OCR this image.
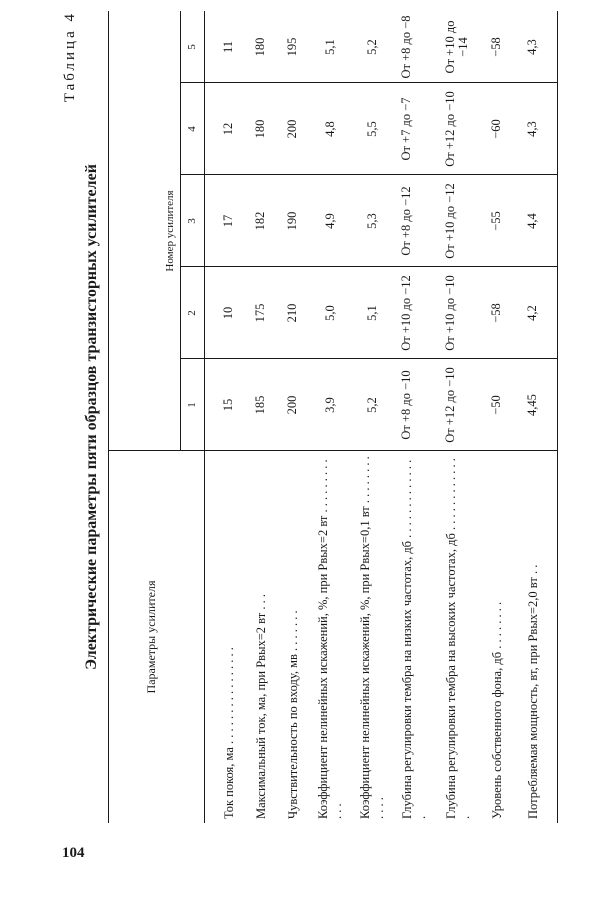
104
Таблица 4
Электрические параметры пяти образцов транзисторных усилителей	Параметры усилителя
Номер усилителя
1
2
3
4
5
Ток покоя, ма . . . . . . . . . . . . . . . .
15
10
17
12
11
Максимальный ток, ма, при Pвых=2 вт . . .
185
175
182
180
180
Чувствительность по входу, мв . . . . . . .
200
210
190
200
195
Коэффициент нелинейных искажений, %, при Pвых=2 вт . . . . . . . . . . . .
3,9
5,0
4,9
4,8
5,1
Коэффициент нелинейных искажений, %, при Pвых=0,1 вт . . . . . . . . . . . .
5,2
5,1
5,3
5,5
5,2
Глубина регулировки тембра на низких частотах, дб . . . . . . . . . . . . . .
От +8 до −10
От +10 до −12
От +8 до −12
От +7 до −7
От +8 до −8
Глубина регулировки тембра на высоких частотах, дб . . . . . . . . . . . . .
От +12 до −10
От +10 до −10
От +10 до −12
От +12 до −10
От +10 до −14
Уровень собственного фона, дб . . . . . . . .
−50
−58
−55
−60
−58
Потребляемая мощность, вт, при Pвых=2,0 вт . .
4,45
4,2
4,4
4,3
4,3
